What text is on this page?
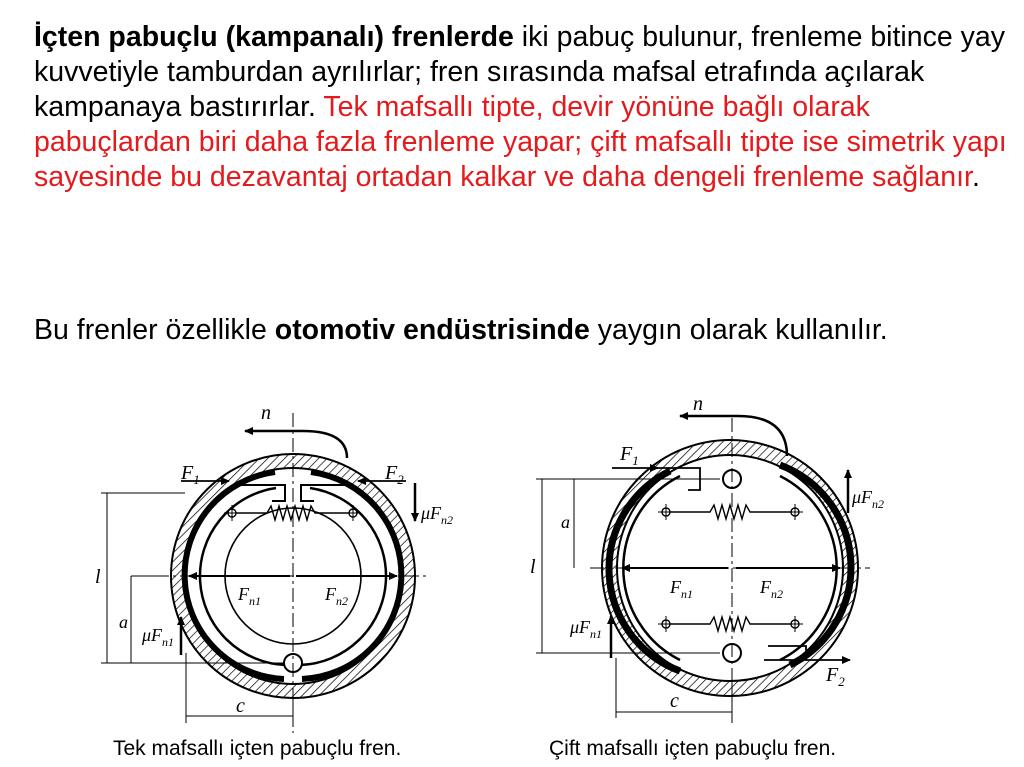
İçten pabuçlu (kampanalı) frenlerde iki pabuç bulunur, frenleme bitince yay kuvvetiyle tamburdan ayrılırlar; fren sırasında mafsal etrafında açılarak kampanaya bastırırlar. Tek mafsallı tipte, devir yönüne bağlı olarak pabuçlardan biri daha fazla frenleme yapar; çift mafsallı tipte ise simetrik yapı sayesinde bu dezavantaj ortadan kalkar ve daha dengeli frenleme sağlanır.
Bu frenler özellikle otomotiv endüstrisinde yaygın olarak kullanılır.
n
$F_1$	$F_2$
$\mu F_{n2}$
$\mu F_{n1}$
$F_{n1}$	$F_{n2}$
l
a
c
n
$F_1$
$F_2$
$\mu F_{n2}$
$\mu F_{n1}$
$F_{n1}$	$F_{n2}$
l
a
c
Tek mafsallı içten pabuçlu fren.	Çift mafsallı içten pabuçlu fren.
